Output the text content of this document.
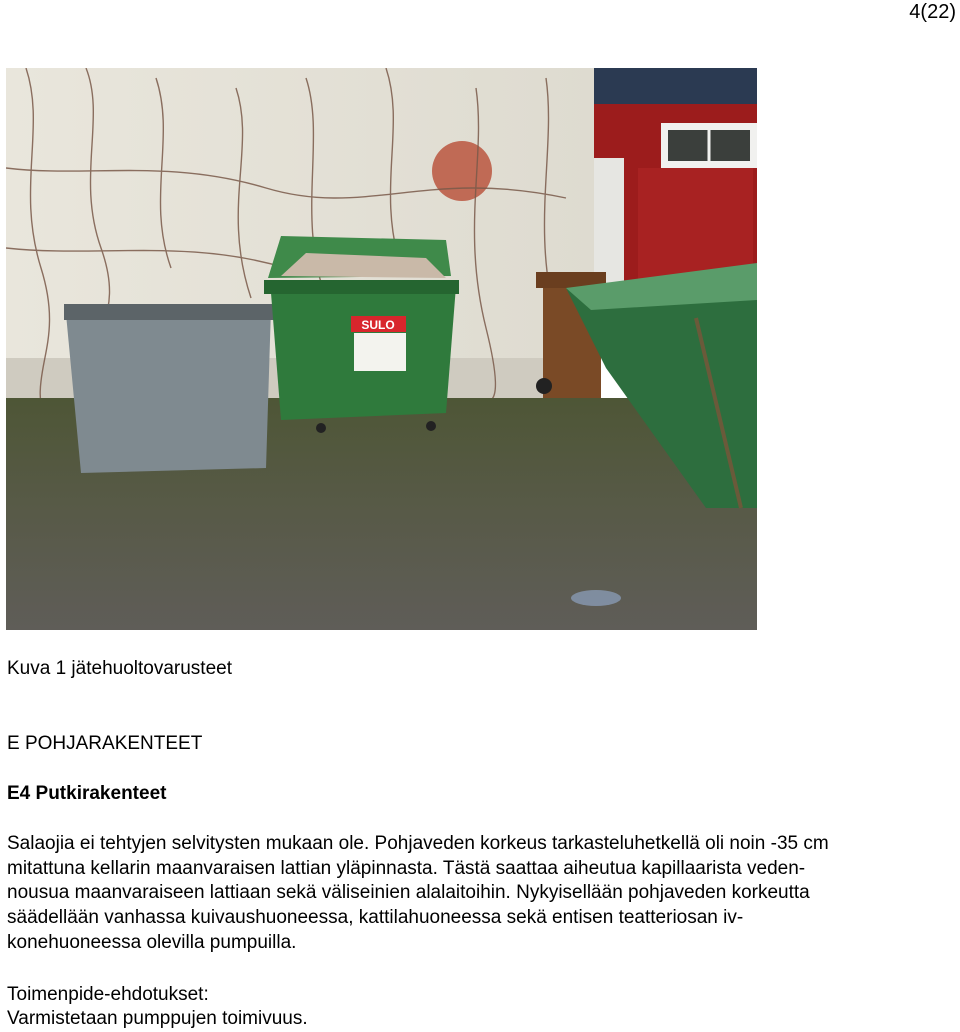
4(22)
SULO
Kuva 1 jätehuoltovarusteet
E POHJARAKENTEET
E4 Putkirakenteet

Salaojia ei tehtyjen selvitysten mukaan ole. Pohjaveden korkeus tarkasteluhetkellä oli noin -35 cm
mitattuna kellarin maanvaraisen lattian yläpinnasta. Tästä saattaa aiheutua kapillaarista veden-
nousua maanvaraiseen lattiaan sekä väliseinien alalaitoihin. Nykyisellään pohjaveden korkeutta
säädellään vanhassa kuivaushuoneessa, kattilahuoneessa sekä entisen teatteriosan iv-
konehuoneessa olevilla pumpuilla.

Toimenpide-ehdotukset:
Varmistetaan pumppujen toimivuus.
